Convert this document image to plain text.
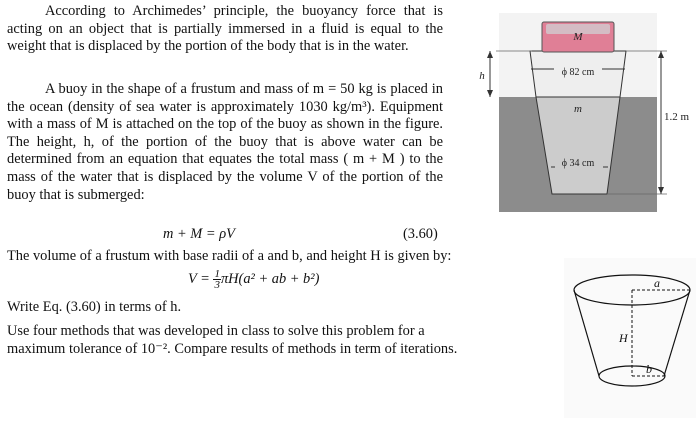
According to Archimedes’ principle, the buoyancy force that is acting on an object that is partially immersed in a fluid is equal to the weight that is displaced by the portion of the body that is in the water.

A buoy in the shape of a frustum and mass of m = 50 kg is placed in the ocean (density of sea water is approximately 1030 kg/m³). Equipment with a mass of M is attached on the top of the buoy as shown in the figure. The height, h, of the portion of the buoy that is above water can be determined from an equation that equates the total mass ( m + M ) to the mass of the water that is displaced by the volume V of the portion of the buoy that is submerged:

m + M = ρV	(3.60)
The volume of a frustum with base radii of a and b, and height H is given by:
$V = \frac{1}{3} \pi H(a^2$ + ab + b²)
Write Eq. (3.60) in terms of h.
Use four methods that was developed in class to solve this problem for a
maximum tolerance of 10⁻². Compare results of methods in term of iterations.
M
ϕ 82 cm
m
ϕ 34 cm
h
1.2 m
a
H
b
